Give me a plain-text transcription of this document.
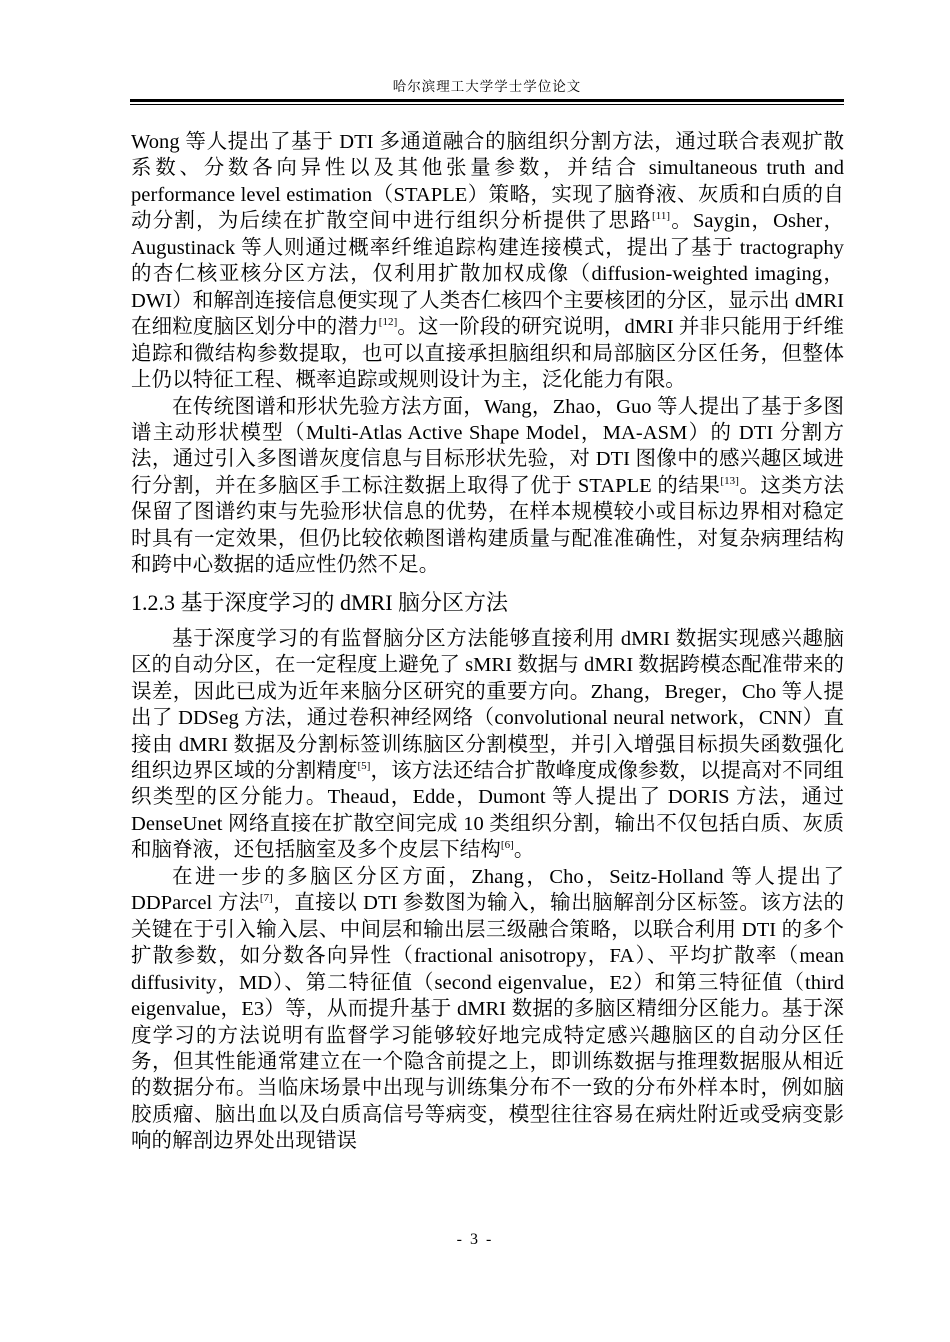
哈尔滨理工大学学士学位论文

Wong 等人提出了基于 DTI 多通道融合的脑组织分割方法，通过联合表观扩散系数、分数各向异性以及其他张量参数，并结合 simultaneous truth and performance level estimation（STAPLE）策略，实现了脑脊液、灰质和白质的自动分割，为后续在扩散空间中进行组织分析提供了思路[11]。Saygin，Osher，Augustinack 等人则通过概率纤维追踪构建连接模式，提出了基于 tractography 的杏仁核亚核分区方法，仅利用扩散加权成像（diffusion-weighted imaging，DWI）和解剖连接信息便实现了人类杏仁核四个主要核团的分区，显示出 dMRI 在细粒度脑区划分中的潜力[12]。这一阶段的研究说明，dMRI 并非只能用于纤维追踪和微结构参数提取，也可以直接承担脑组织和局部脑区分区任务，但整体上仍以特征工程、概率追踪或规则设计为主，泛化能力有限。

在传统图谱和形状先验方法方面，Wang，Zhao，Guo 等人提出了基于多图谱主动形状模型（Multi-Atlas Active Shape Model，MA-ASM）的 DTI 分割方法，通过引入多图谱灰度信息与目标形状先验，对 DTI 图像中的感兴趣区域进行分割，并在多脑区手工标注数据上取得了优于 STAPLE 的结果[13]。这类方法保留了图谱约束与先验形状信息的优势，在样本规模较小或目标边界相对稳定时具有一定效果，但仍比较依赖图谱构建质量与配准准确性，对复杂病理结构和跨中心数据的适应性仍然不足。

1.2.3 基于深度学习的 dMRI 脑分区方法

基于深度学习的有监督脑分区方法能够直接利用 dMRI 数据实现感兴趣脑区的自动分区，在一定程度上避免了 sMRI 数据与 dMRI 数据跨模态配准带来的误差，因此已成为近年来脑分区研究的重要方向。Zhang，Breger，Cho 等人提出了 DDSeg 方法，通过卷积神经网络（convolutional neural network，CNN）直接由 dMRI 数据及分割标签训练脑区分割模型，并引入增强目标损失函数强化组织边界区域的分割精度[5]，该方法还结合扩散峰度成像参数，以提高对不同组织类型的区分能力。Theaud，Edde，Dumont 等人提出了 DORIS 方法，通过 DenseUnet 网络直接在扩散空间完成 10 类组织分割，输出不仅包括白质、灰质和脑脊液，还包括脑室及多个皮层下结构[6]。

在进一步的多脑区分区方面，Zhang，Cho，Seitz-Holland 等人提出了 DDParcel 方法[7]，直接以 DTI 参数图为输入，输出脑解剖分区标签。该方法的关键在于引入输入层、中间层和输出层三级融合策略，以联合利用 DTI 的多个扩散参数，如分数各向异性（fractional anisotropy，FA）、平均扩散率（mean diffusivity，MD）、第二特征值（second eigenvalue，E2）和第三特征值（third eigenvalue，E3）等，从而提升基于 dMRI 数据的多脑区精细分区能力。基于深度学习的方法说明有监督学习能够较好地完成特定感兴趣脑区的自动分区任务，但其性能通常建立在一个隐含前提之上，即训练数据与推理数据服从相近的数据分布。当临床场景中出现与训练集分布不一致的分布外样本时，例如脑胶质瘤、脑出血以及白质高信号等病变，模型往往容易在病灶附近或受病变影响的解剖边界处出现错误

- 3 -
